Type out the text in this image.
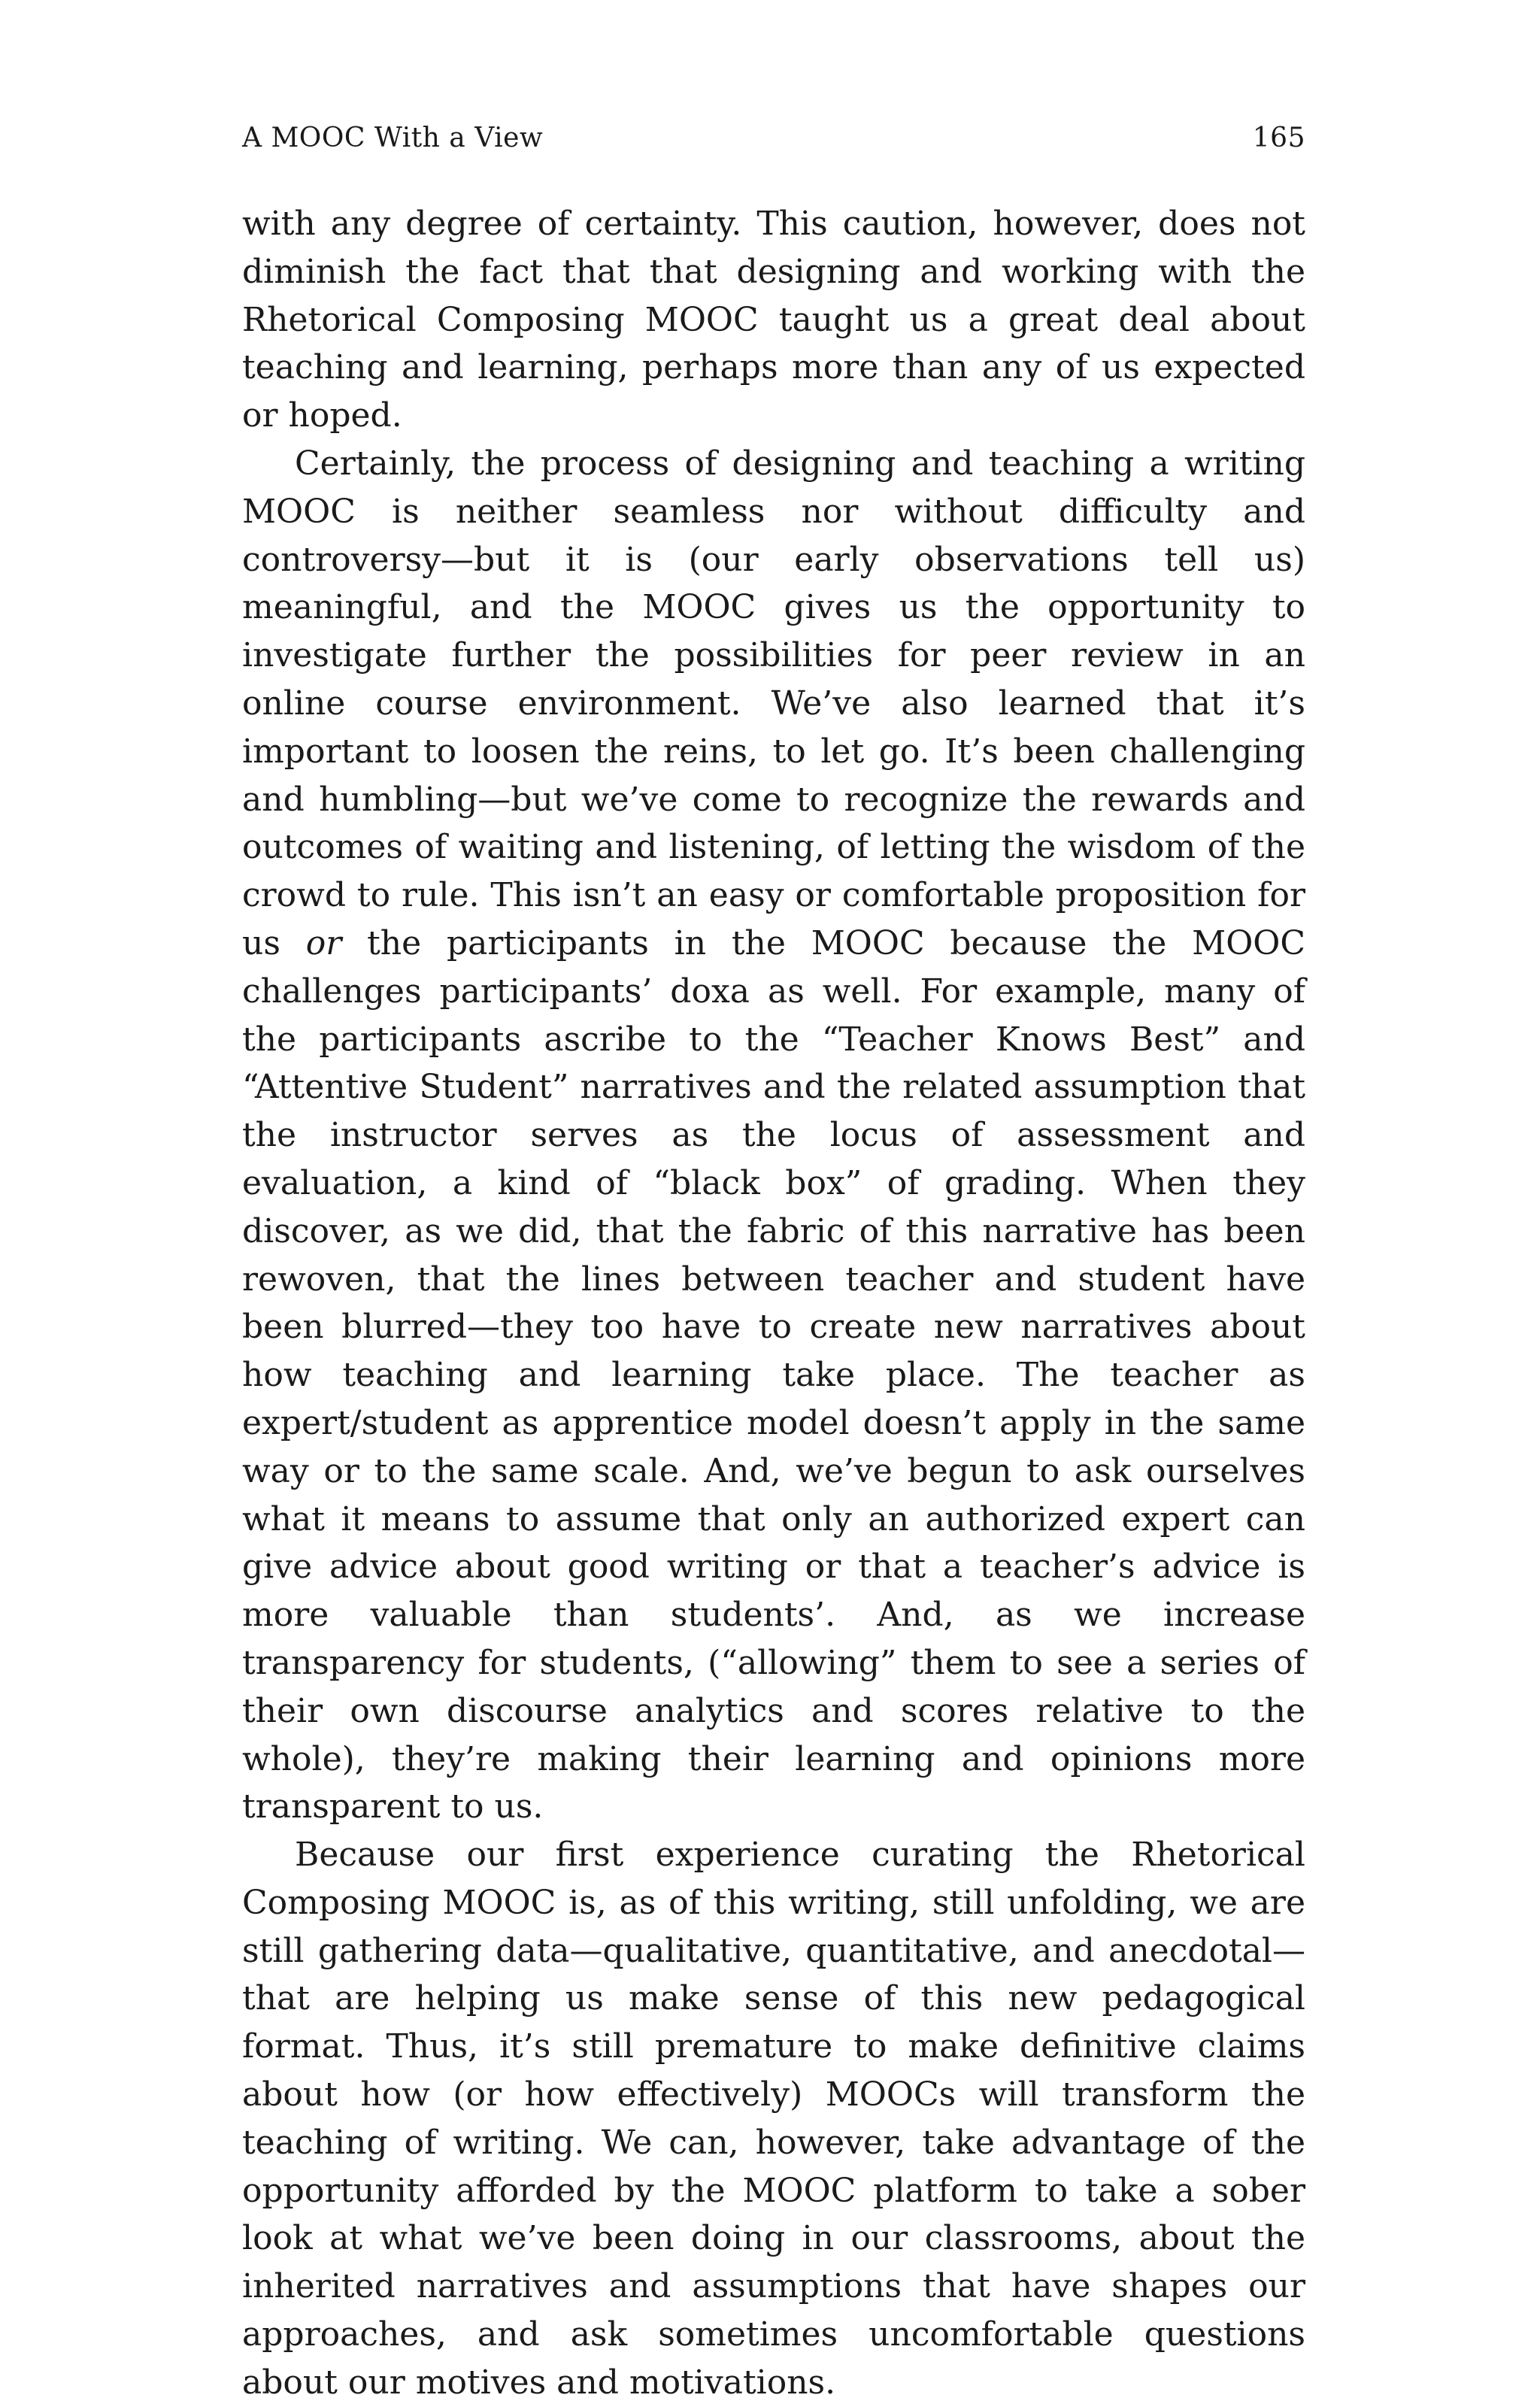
A MOOC With a View	165

with any degree of certainty. This caution, however, does not diminish the fact that that designing and working with the Rhetorical Composing MOOC taught us a great deal about teaching and learning, perhaps more than any of us expected or hoped.

Certainly, the process of designing and teaching a writing MOOC is neither seamless nor without difficulty and controversy—but it is (our early observations tell us) meaningful, and the MOOC gives us the opportunity to investigate further the possibilities for peer review in an online course environment. We’ve also learned that it’s important to loosen the reins, to let go. It’s been challenging and humbling—but we’ve come to recognize the rewards and outcomes of waiting and listening, of letting the wisdom of the crowd to rule. This isn’t an easy or comfortable proposition for us or the participants in the MOOC because the MOOC challenges participants’ doxa as well. For example, many of the participants ascribe to the “Teacher Knows Best” and “Attentive Student” narratives and the related assumption that the instructor serves as the locus of assessment and evaluation, a kind of “black box” of grading. When they discover, as we did, that the fabric of this narrative has been rewoven, that the lines between teacher and student have been blurred—they too have to create new narratives about how teaching and learning take place. The teacher as expert/student as apprentice model doesn’t apply in the same way or to the same scale. And, we’ve begun to ask ourselves what it means to assume that only an authorized expert can give advice about good writing or that a teacher’s advice is more valuable than students’. And, as we increase transparency for students, (“allowing” them to see a series of their own discourse analytics and scores relative to the whole), they’re making their learning and opinions more transparent to us.

Because our first experience curating the Rhetorical Composing MOOC is, as of this writing, still unfolding, we are still gathering data—qualitative, quantitative, and anecdotal—that are helping us make sense of this new pedagogical format. Thus, it’s still premature to make definitive claims about how (or how effectively) MOOCs will transform the teaching of writing. We can, however, take advantage of the opportunity afforded by the MOOC platform to take a sober look at what we’ve been doing in our classrooms, about the inherited narratives and assumptions that have shapes our approaches, and ask sometimes uncomfortable questions about our motives and motivations.
